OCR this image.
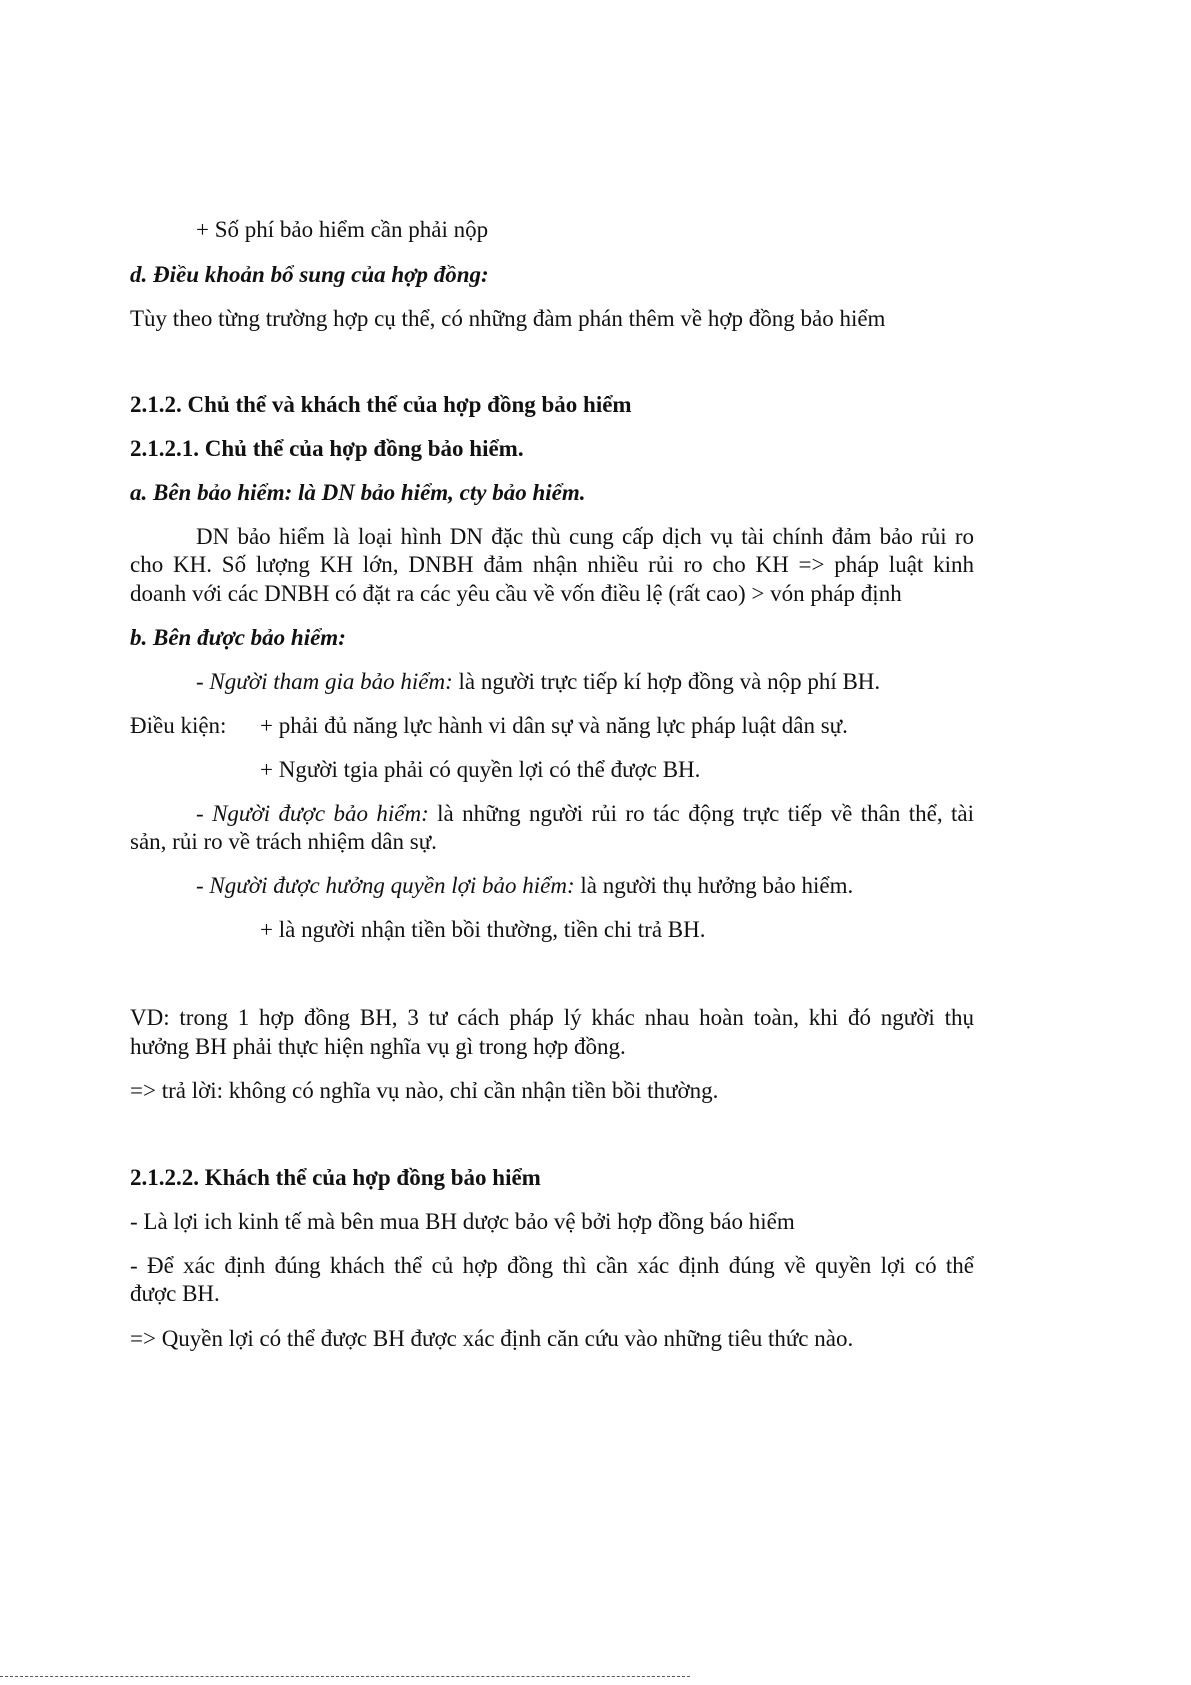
+ Số phí bảo hiểm cần phải nộp

d. Điều khoản bổ sung của hợp đồng:

Tùy theo từng trường hợp cụ thể, có những đàm phán thêm về hợp đồng bảo hiểm

2.1.2. Chủ thể và khách thể của hợp đồng bảo hiểm

2.1.2.1. Chủ thể của hợp đồng bảo hiểm.

a. Bên bảo hiểm: là DN bảo hiểm, cty bảo hiểm.

DN bảo hiểm là loại hình DN đặc thù cung cấp dịch vụ tài chính đảm bảo rủi ro

cho KH. Số lượng KH lớn, DNBH đảm nhận nhiều rủi ro cho KH => pháp luật kinh

doanh với các DNBH có đặt ra các yêu cầu về vốn điều lệ (rất cao) > vón pháp định

b. Bên được bảo hiểm:

- Người tham gia bảo hiểm: là người trực tiếp kí hợp đồng và nộp phí BH.

Điều kiện: + phải đủ năng lực hành vi dân sự và năng lực pháp luật dân sự.

+ Người tgia phải có quyền lợi có thể được BH.

- Người được bảo hiểm: là những người rủi ro tác động trực tiếp về thân thể, tài

sản, rủi ro về trách nhiệm dân sự.

- Người được hưởng quyền lợi bảo hiểm: là người thụ hưởng bảo hiểm.

+ là người nhận tiền bồi thường, tiền chi trả BH.

VD: trong 1 hợp đồng BH, 3 tư cách pháp lý khác nhau hoàn toàn, khi đó người thụ

hưởng BH phải thực hiện nghĩa vụ gì trong hợp đồng.

=> trả lời: không có nghĩa vụ nào, chỉ cần nhận tiền bồi thường.

2.1.2.2. Khách thể của hợp đồng bảo hiểm

- Là lợi ich kinh tế mà bên mua BH dược bảo vệ bởi hợp đồng báo hiểm

- Để xác định đúng khách thể củ hợp đồng thì cần xác định đúng về quyền lợi có thể

được BH.

=> Quyền lợi có thể được BH được xác định căn cứu vào những tiêu thức nào.
